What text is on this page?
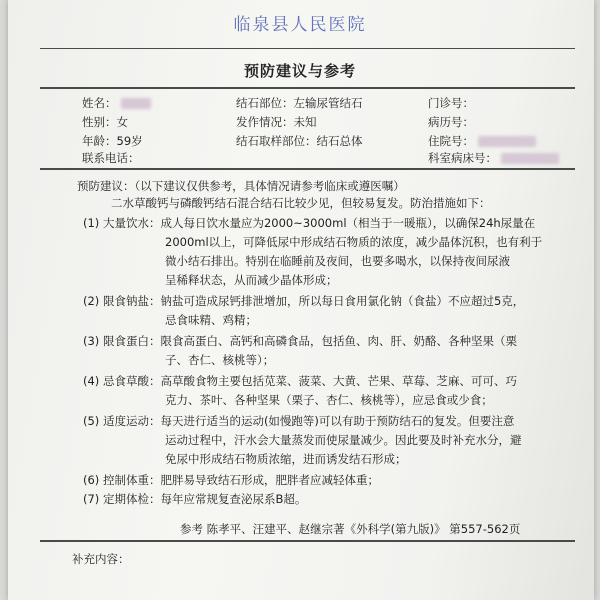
临泉县人民医院
预防建议与参考
姓名：
性别：女
年龄：59岁
联系电话：
结石部位：左输尿管结石
发作情况：未知
结石取样部位：结石总体
门诊号：
病历号：
住院号：
科室病床号：
预防建议：（以下建议仅供参考，具体情况请参考临床或遵医嘱）
二水草酸钙与磷酸钙结石混合结石比较少见，但较易复发。防治措施如下：
(1) 大量饮水：成人每日饮水量应为2000~3000ml（相当于一暖瓶），以确保24h尿量在
2000ml以上，可降低尿中形成结石物质的浓度，减少晶体沉积，也有利于
微小结石排出。特别在临睡前及夜间，也要多喝水，以保持夜间尿液
呈稀释状态，从而减少晶体形成；
(2) 限食钠盐：钠盐可造成尿钙排泄增加，所以每日食用氯化钠（食盐）不应超过5克，
忌食味精、鸡精；
(3) 限食蛋白：限食高蛋白、高钙和高磷食品，包括鱼、肉、肝、奶酪、各种坚果（栗
子、杏仁、核桃等）；
(4) 忌食草酸：高草酸食物主要包括苋菜、菠菜、大黄、芒果、草莓、芝麻、可可、巧
克力、茶叶、各种坚果（栗子、杏仁、核桃等），应忌食或少食；
(5) 适度运动：每天进行适当的运动(如慢跑等)可以有助于预防结石的复发。但要注意
运动过程中，汗水会大量蒸发而使尿量减少。因此要及时补充水分，避
免尿中形成结石物质浓缩，进而诱发结石形成；
(6) 控制体重：肥胖易导致结石形成，肥胖者应减轻体重；
(7) 定期体检：每年应常规复查泌尿系B超。
参考 陈孝平、汪建平、赵继宗著《外科学(第九版)》 第557-562页
补充内容：
